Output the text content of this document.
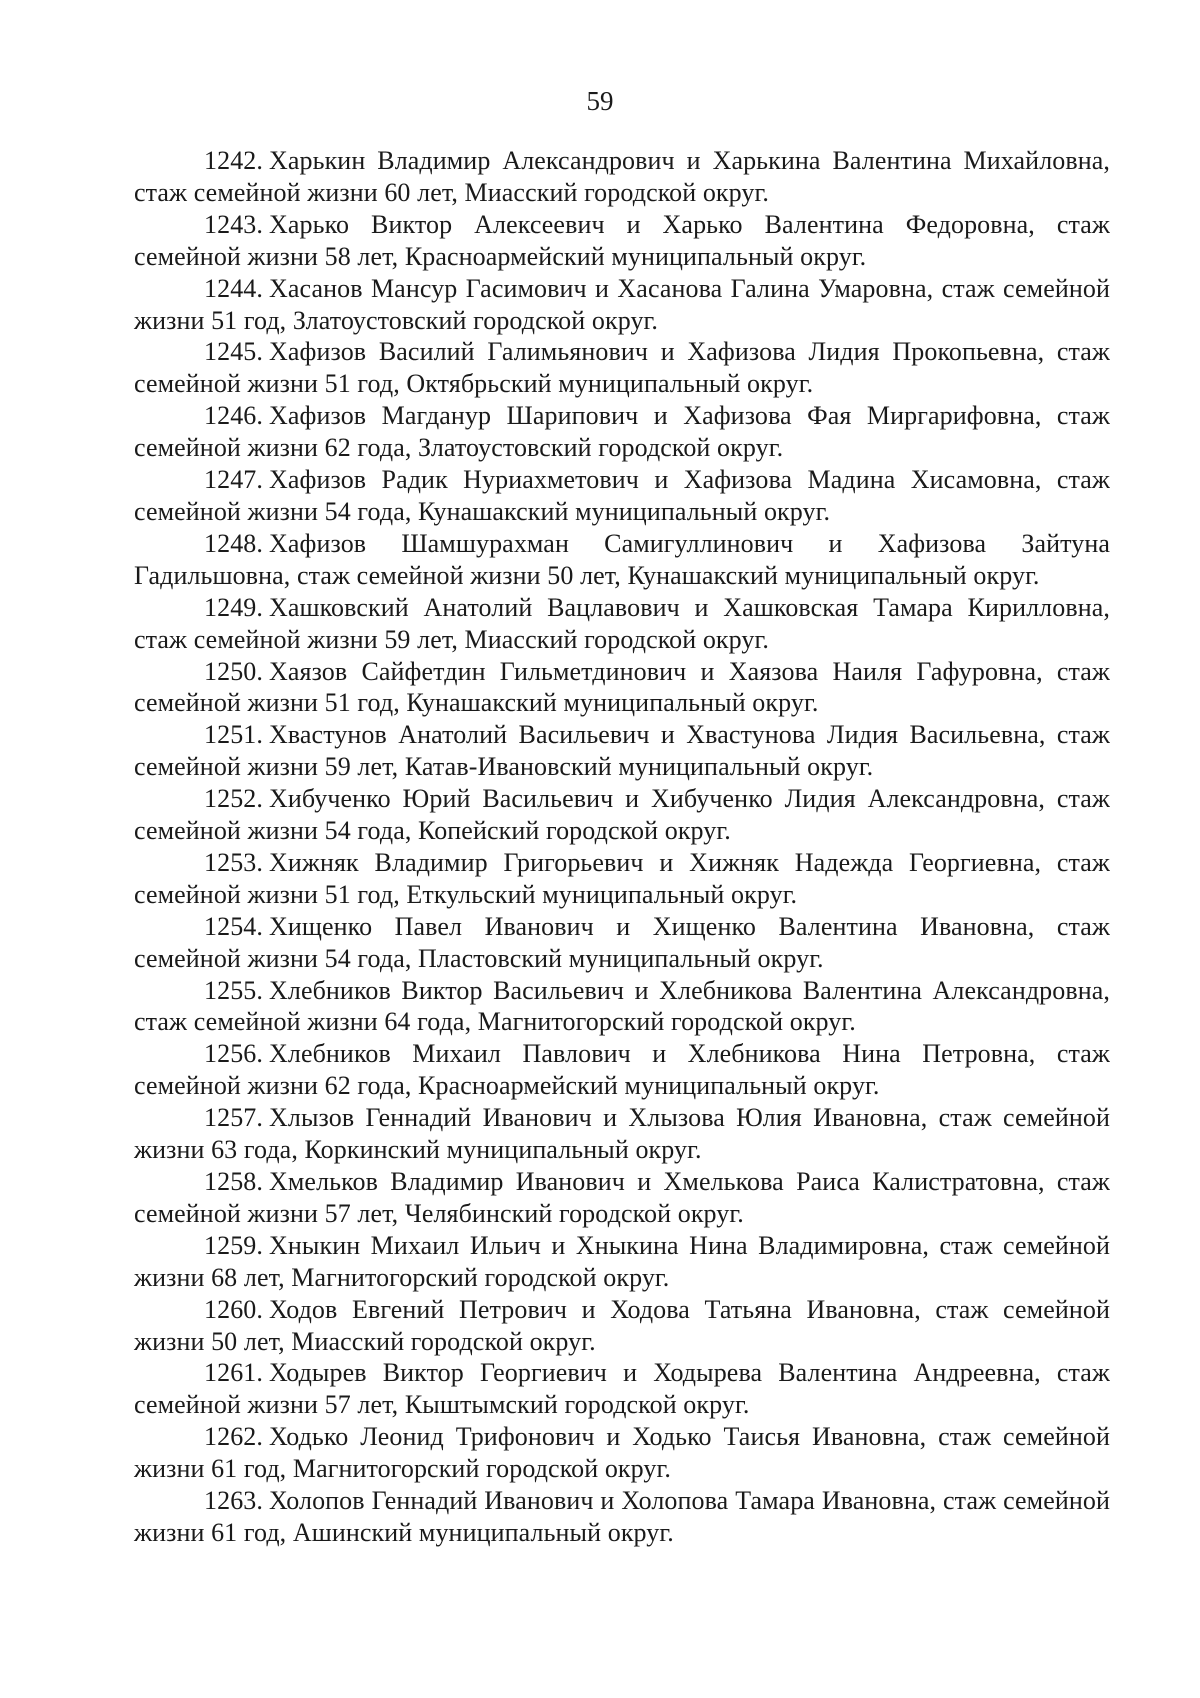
59

1242. Харькин Владимир Александрович и Харькина Валентина Михайловна, стаж семейной жизни 60 лет, Миасский городской округ.

1243. Харько Виктор Алексеевич и Харько Валентина Федоровна, стаж семейной жизни 58 лет, Красноармейский муниципальный округ.

1244. Хасанов Мансур Гасимович и Хасанова Галина Умаровна, стаж семейной жизни 51 год, Златоустовский городской округ.

1245. Хафизов Василий Галимьянович и Хафизова Лидия Прокопьевна, стаж семейной жизни 51 год, Октябрьский муниципальный округ.

1246. Хафизов Магданур Шарипович и Хафизова Фая Миргарифовна, стаж семейной жизни 62 года, Златоустовский городской округ.

1247. Хафизов Радик Нуриахметович и Хафизова Мадина Хисамовна, стаж семейной жизни 54 года, Кунашакский муниципальный округ.

1248. Хафизов Шамшурахман Самигуллинович и Хафизова Зайтуна Гадильшовна, стаж семейной жизни 50 лет, Кунашакский муниципальный округ.

1249. Хашковский Анатолий Вацлавович и Хашковская Тамара Кирилловна, стаж семейной жизни 59 лет, Миасский городской округ.

1250. Хаязов Сайфетдин Гильметдинович и Хаязова Наиля Гафуровна, стаж семейной жизни 51 год, Кунашакский муниципальный округ.

1251. Хвастунов Анатолий Васильевич и Хвастунова Лидия Васильевна, стаж семейной жизни 59 лет, Катав-Ивановский муниципальный округ.

1252. Хибученко Юрий Васильевич и Хибученко Лидия Александровна, стаж семейной жизни 54 года, Копейский городской округ.

1253. Хижняк Владимир Григорьевич и Хижняк Надежда Георгиевна, стаж семейной жизни 51 год, Еткульский муниципальный округ.

1254. Хищенко Павел Иванович и Хищенко Валентина Ивановна, стаж семейной жизни 54 года, Пластовский муниципальный округ.

1255. Хлебников Виктор Васильевич и Хлебникова Валентина Александровна, стаж семейной жизни 64 года, Магнитогорский городской округ.

1256. Хлебников Михаил Павлович и Хлебникова Нина Петровна, стаж семейной жизни 62 года, Красноармейский муниципальный округ.

1257. Хлызов Геннадий Иванович и Хлызова Юлия Ивановна, стаж семейной жизни 63 года, Коркинский муниципальный округ.

1258. Хмельков Владимир Иванович и Хмелькова Раиса Калистратовна, стаж семейной жизни 57 лет, Челябинский городской округ.

1259. Хныкин Михаил Ильич и Хныкина Нина Владимировна, стаж семейной жизни 68 лет, Магнитогорский городской округ.

1260. Ходов Евгений Петрович и Ходова Татьяна Ивановна, стаж семейной жизни 50 лет, Миасский городской округ.

1261. Ходырев Виктор Георгиевич и Ходырева Валентина Андреевна, стаж семейной жизни 57 лет, Кыштымский городской округ.

1262. Ходько Леонид Трифонович и Ходько Таисья Ивановна, стаж семейной жизни 61 год, Магнитогорский городской округ.

1263. Холопов Геннадий Иванович и Холопова Тамара Ивановна, стаж семейной жизни 61 год, Ашинский муниципальный округ.
